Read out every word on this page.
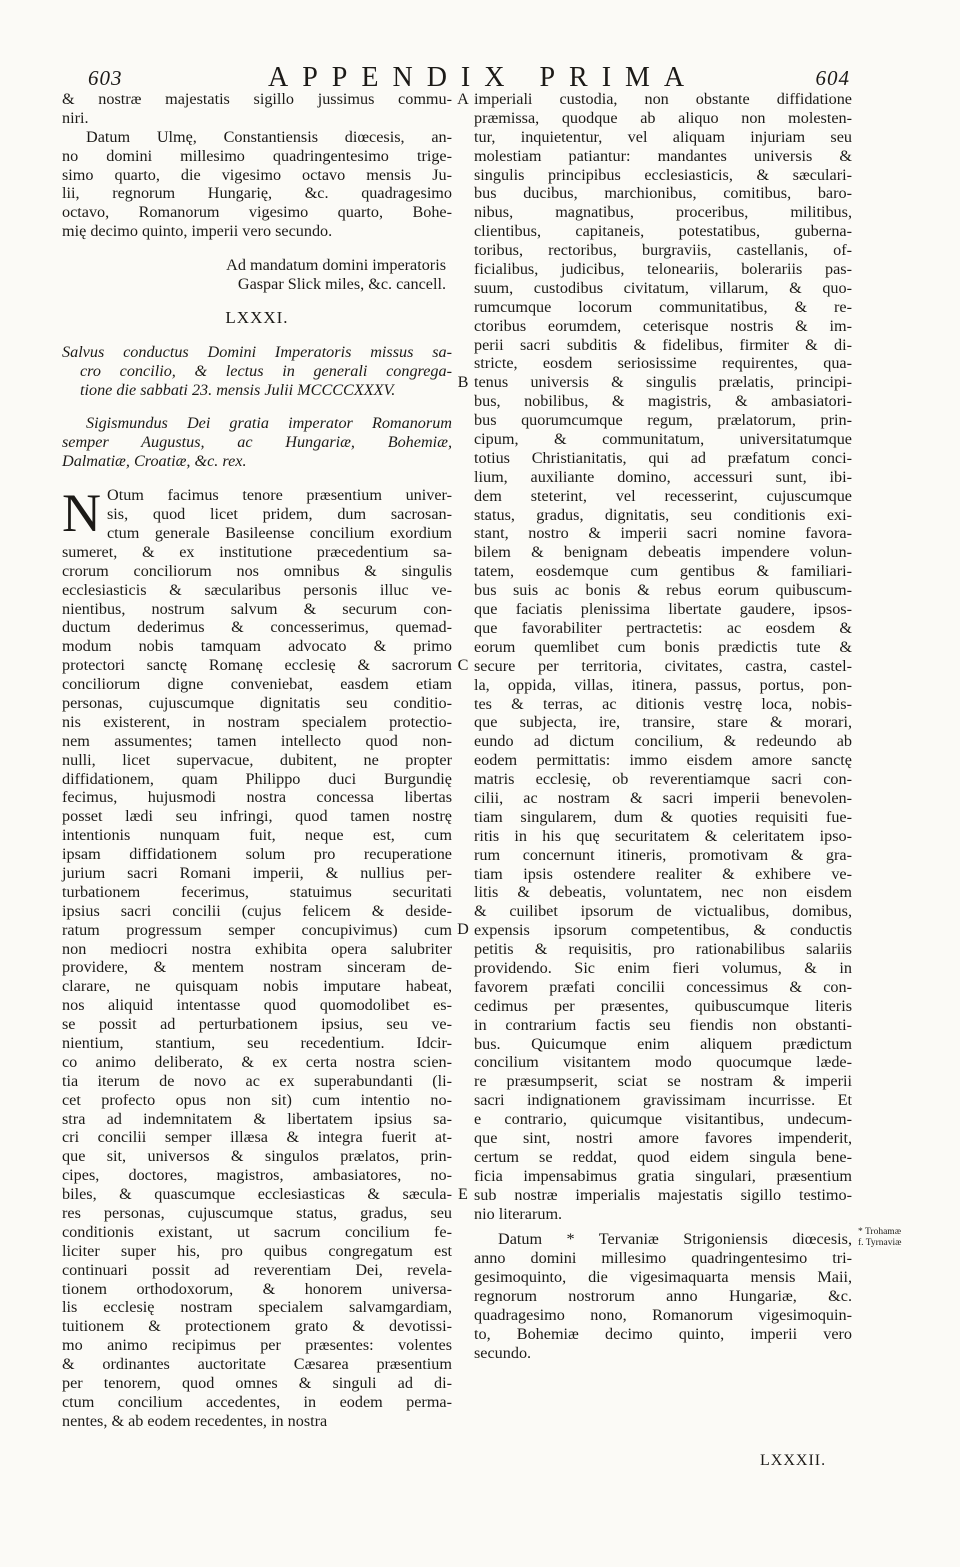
603	APPENDIX PRIMA	604

& nostræ majestatis sigillo jussimus commu-
niri.

Datum Ulmę, Constantiensis diœcesis, an-
no domini millesimo quadringentesimo trige-
simo quarto, die vigesimo octavo mensis Ju-
lii, regnorum Hungarię, &c. quadragesimo
octavo, Romanorum vigesimo quarto, Bohe-
mię decimo quinto, imperii vero secundo.

Ad mandatum domini imperatoris
Gaspar Slick miles, &c. cancell.

LXXXI.

Salvus conductus Domini Imperatoris missus sa-
cro concilio, & lectus in generali congrega-
tione die sabbati 23. mensis Julii MCCCCXXXV.

Sigismundus Dei gratia imperator Romanorum
semper Augustus, ac Hungariæ, Bohemiæ,
Dalmatiæ, Croatiæ, &c. rex.

N Otum facimus tenore præsentium univer-
sis, quod licet pridem, dum sacrosan-
ctum generale Basileense concilium exordium
sumeret, & ex institutione præcedentium sa-
crorum conciliorum nos omnibus & singulis
ecclesiasticis & sæcularibus personis illuc ve-
nientibus, nostrum salvum & securum con-
ductum dederimus & concesserimus, quemad-
modum nobis tamquam advocato & primo
protectori sanctę Romanę ecclesię & sacrorum
conciliorum digne conveniebat, easdem etiam
personas, cujuscumque dignitatis seu conditio-
nis existerent, in nostram specialem protectio-
nem assumentes; tamen intellecto quod non-
nulli, licet supervacue, dubitent, ne propter
diffidationem, quam Philippo duci Burgundię
fecimus, hujusmodi nostra concessa libertas
posset lædi seu infringi, quod tamen nostrę
intentionis nunquam fuit, neque est, cum
ipsam diffidationem solum pro recuperatione
jurium sacri Romani imperii, & nullius per-
turbationem fecerimus, statuimus securitati
ipsius sacri concilii (cujus felicem & deside-
ratum progressum semper concupivimus) cum
non mediocri nostra exhibita opera salubriter
providere, & mentem nostram sinceram de-
clarare, ne quisquam nobis imputare habeat,
nos aliquid intentasse quod quomodolibet es-
se possit ad perturbationem ipsius, seu ve-
nientium, stantium, seu recedentium. Idcir-
co animo deliberato, & ex certa nostra scien-
tia iterum de novo ac ex superabundanti (li-
cet profecto opus non sit) cum intentio no-
stra ad indemnitatem & libertatem ipsius sa-
cri concilii semper illæsa & integra fuerit at-
que sit, universos & singulos prælatos, prin-
cipes, doctores, magistros, ambasiatores, no-
biles, & quascumque ecclesiasticas & sæcula-
res personas, cujuscumque status, gradus, seu
conditionis existant, ut sacrum concilium fe-
liciter super his, pro quibus congregatum est
continuari possit ad reverentiam Dei, revela-
tionem orthodoxorum, & honorem universa-
lis ecclesię nostram specialem salvamgardiam,
tuitionem & protectionem grato & devotissi-
mo animo recipimus per præsentes: volentes
& ordinantes auctoritate Cæsarea præsentium
per tenorem, quod omnes & singuli ad di-
ctum concilium accedentes, in eodem perma-
nentes, & ab eodem recedentes, in nostra
imperiali custodia, non obstante diffidatione
præmissa, quodque ab aliquo non molesten-
tur, inquietentur, vel aliquam injuriam seu
molestiam patiantur: mandantes universis &
singulis principibus ecclesiasticis, & sæculari-
bus ducibus, marchionibus, comitibus, baro-
nibus, magnatibus, proceribus, militibus,
clientibus, capitaneis, potestatibus, guberna-
toribus, rectoribus, burgraviis, castellanis, of-
ficialibus, judicibus, teloneariis, bolerariis pas-
suum, custodibus civitatum, villarum, & quo-
rumcumque locorum communitatibus, & re-
ctoribus eorumdem, ceterisque nostris & im-
perii sacri subditis & fidelibus, firmiter & di-
stricte, eosdem seriosissime requirentes, qua-
tenus universis & singulis prælatis, principi-
bus, nobilibus, & magistris, & ambasiatori-
bus quorumcumque regum, prælatorum, prin-
cipum, & communitatum, universitatumque
totius Christianitatis, qui ad præfatum conci-
lium, auxiliante domino, accessuri sunt, ibi-
dem steterint, vel recesserint, cujuscumque
status, gradus, dignitatis, seu conditionis exi-
stant, nostro & imperii sacri nomine favora-
bilem & benignam debeatis impendere volun-
tatem, eosdemque cum gentibus & familiari-
bus suis ac bonis & rebus eorum quibuscum-
que faciatis plenissima libertate gaudere, ipsos-
que favorabiliter pertractetis: ac eosdem &
eorum quemlibet cum bonis prædictis tute &
secure per territoria, civitates, castra, castel-
la, oppida, villas, itinera, passus, portus, pon-
tes & terras, ac ditionis vestrę loca, nobis-
que subjecta, ire, transire, stare & morari,
eundo ad dictum concilium, & redeundo ab
eodem permittatis: immo eisdem amore sanctę
matris ecclesię, ob reverentiamque sacri con-
cilii, ac nostram & sacri imperii benevolen-
tiam singularem, dum & quoties requisiti fue-
ritis in his quę securitatem & celeritatem ipso-
rum concernunt itineris, promotivam & gra-
tiam ipsis ostendere realiter & exhibere ve-
litis & debeatis, voluntatem, nec non eisdem
& cuilibet ipsorum de victualibus, domibus,
expensis ipsorum competentibus, & conductis
petitis & requisitis, pro rationabilibus salariis
providendo. Sic enim fieri volumus, & in
favorem præfati concilii concessimus & con-
cedimus per præsentes, quibuscumque literis
in contrarium factis seu fiendis non obstanti-
bus. Quicumque enim aliquem prædictum
concilium visitantem modo quocumque læde-
re præsumpserit, sciat se nostram & imperii
sacri indignationem gravissimam incurrisse. Et
e contrario, quicumque visitantibus, undecum-
que sint, nostri amore favores impenderit,
certum se reddat, quod eidem singula bene-
ficia impensabimus gratia singulari, præsentium
sub nostræ imperialis majestatis sigillo testimo-
nio literarum.
Datum * Tervaniæ Strigoniensis diœcesis,
anno domini millesimo quadringentesimo tri-
gesimoquinto, die vigesimaquarta mensis Maii,
regnorum nostrorum anno Hungariæ, &c.
quadragesimo nono, Romanorum vigesimoquin-
to, Bohemiæ decimo quinto, imperii vero
secundo.
A
B
C
D
E
* Trohamæ
f. Tyrnaviæ
LXXXII.
